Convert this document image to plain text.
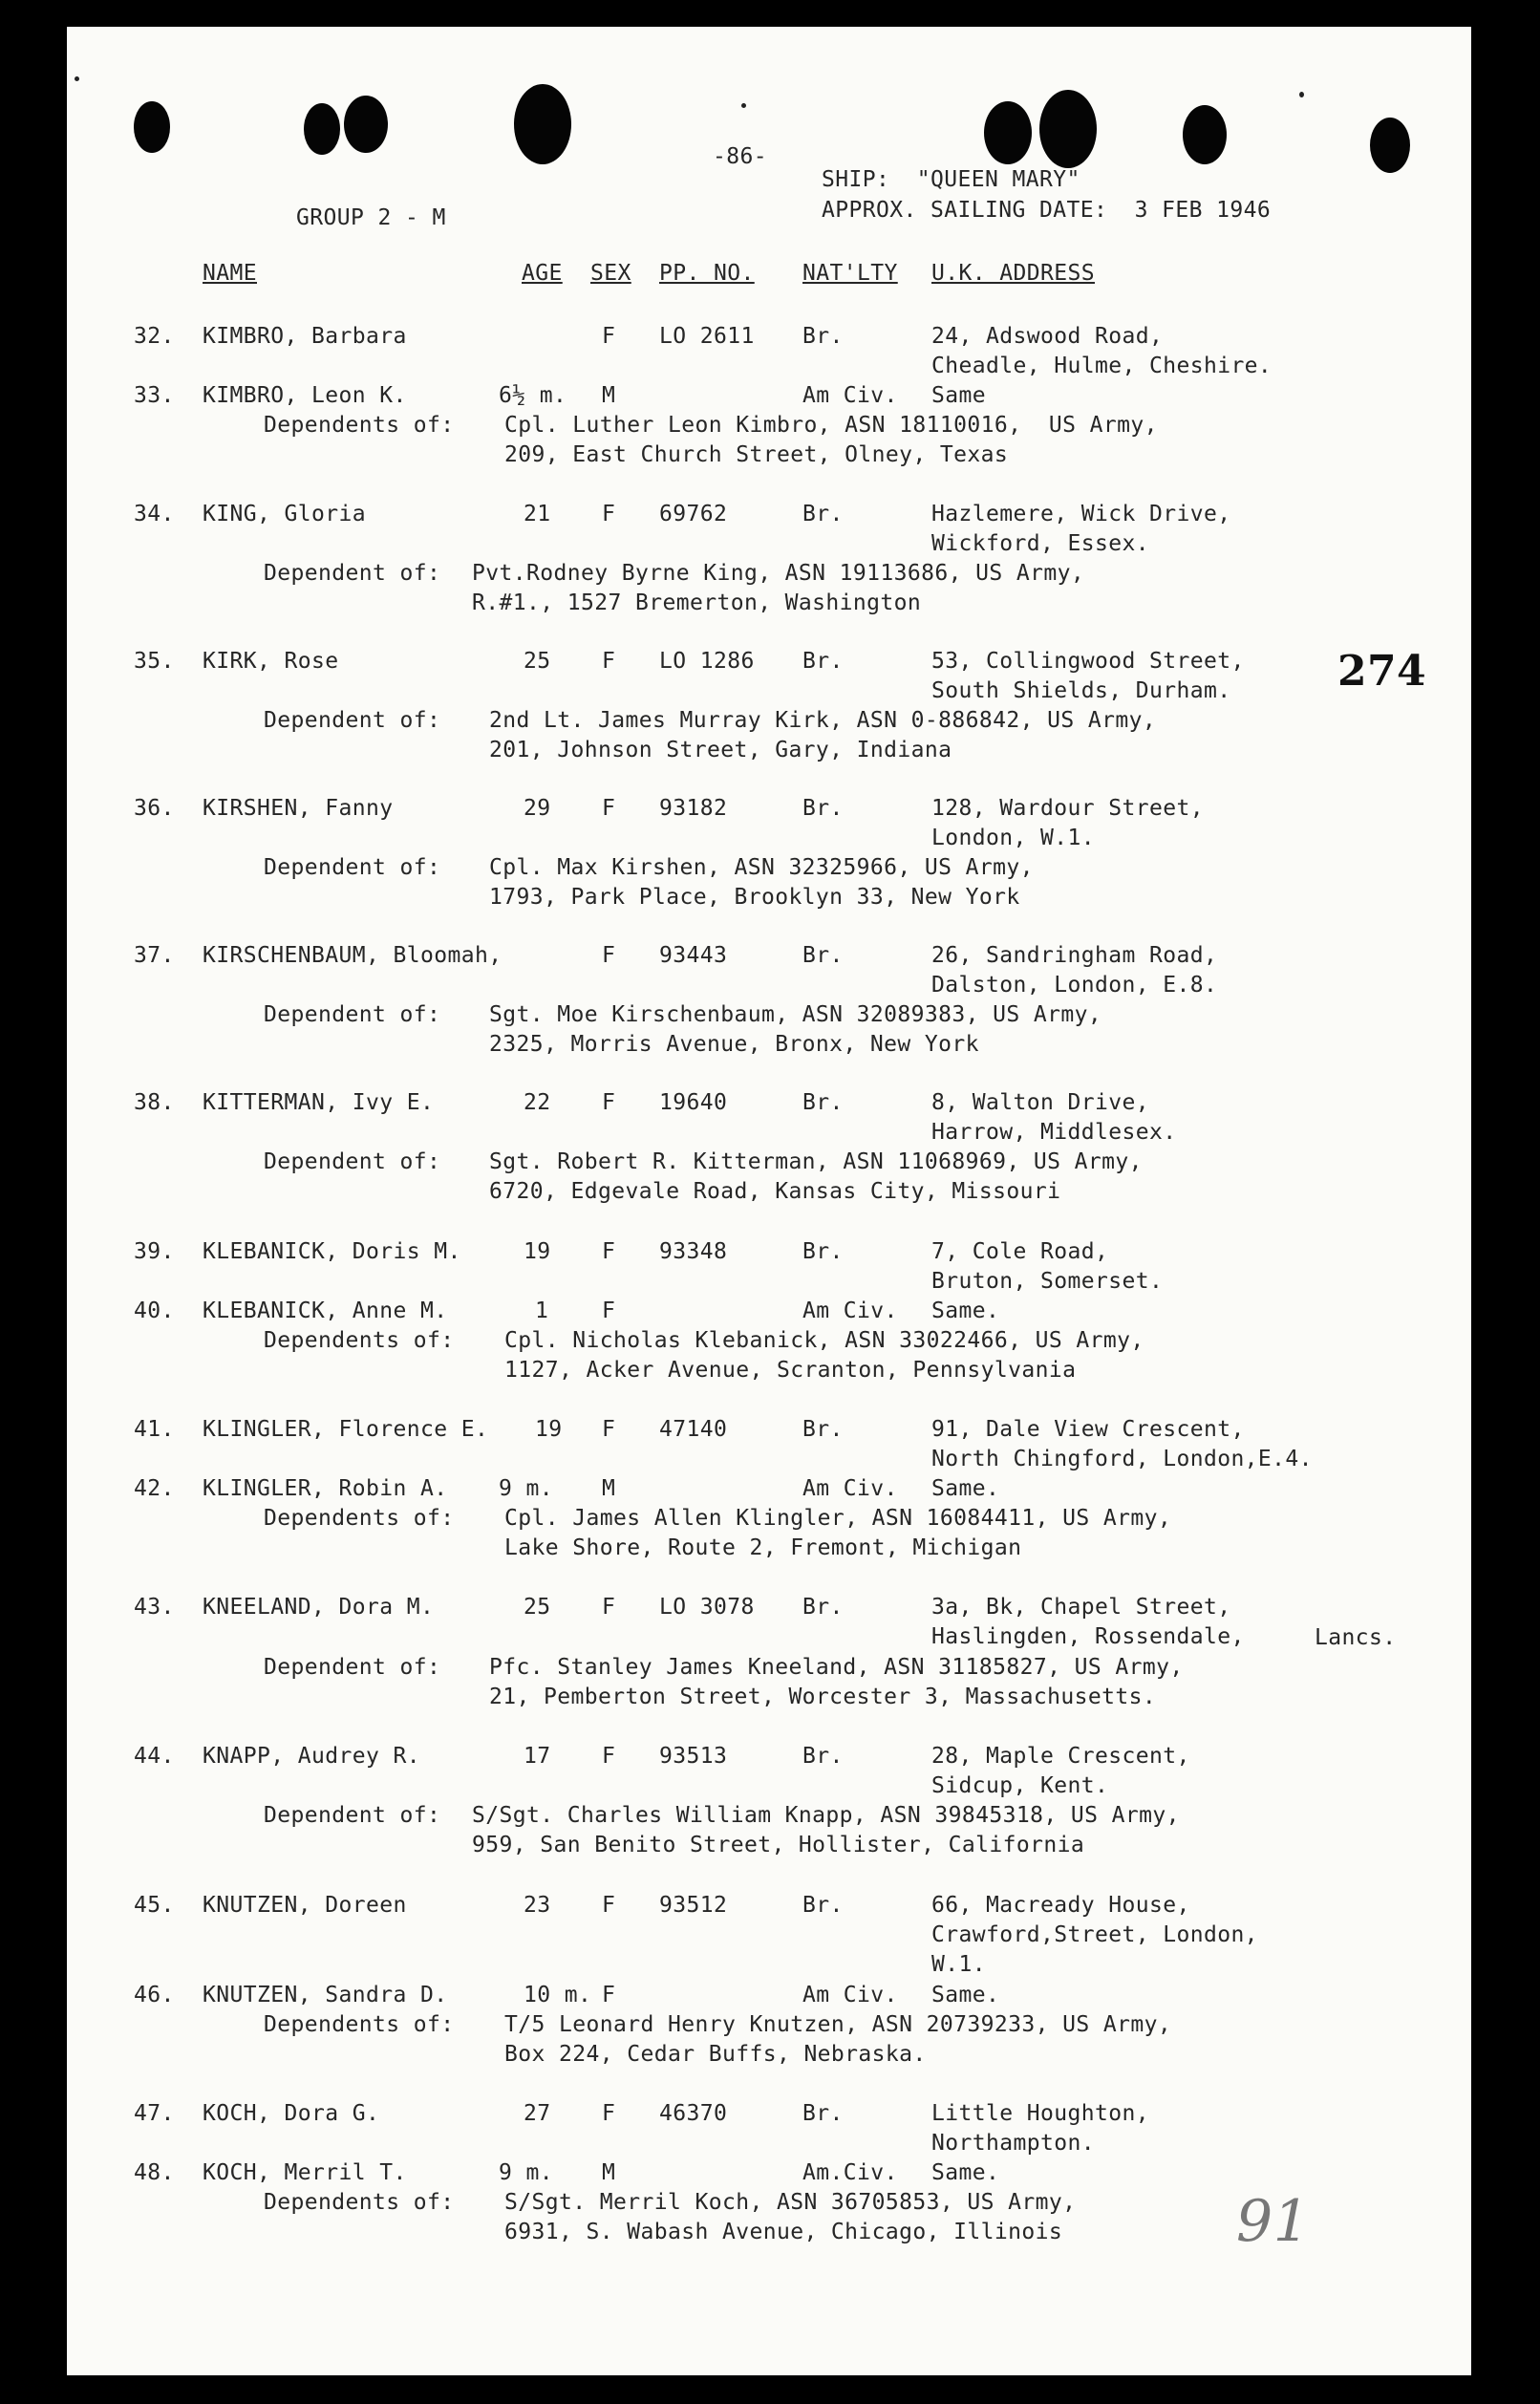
-86-
SHIP:  "QUEEN MARY"
GROUP 2 - M	APPROX. SAILING DATE:  3 FEB 1946
NAME	AGE SEX PP. NO. NAT'LTY U.K. ADDRESS
32. KIMBRO, Barbara	F LO 2611 Br.	24, Adswood Road,
Cheadle, Hulme, Cheshire.
33. KIMBRO, Leon K.	6½ m. M	Am Civ. Same
Dependents of: Cpl. Luther Leon Kimbro, ASN 18110016,  US Army,
209, East Church Street, Olney, Texas
34. KING, Gloria	21 F 69762	Br.	Hazlemere, Wick Drive,
Wickford, Essex.
Dependent of: Pvt.Rodney Byrne King, ASN 19113686, US Army,
R.#1., 1527 Bremerton, Washington
35. KIRK, Rose	25 F LO 1286 Br.	53, Collingwood Street,
South Shields, Durham.	274
Dependent of: 2nd Lt. James Murray Kirk, ASN 0-886842, US Army,
201, Johnson Street, Gary, Indiana
36. KIRSHEN, Fanny	29 F 93182	Br.	128, Wardour Street,
London, W.1.
Dependent of: Cpl. Max Kirshen, ASN 32325966, US Army,
1793, Park Place, Brooklyn 33, New York
37. KIRSCHENBAUM, Bloomah,	F 93443	Br.	26, Sandringham Road,
Dalston, London, E.8.
Dependent of: Sgt. Moe Kirschenbaum, ASN 32089383, US Army,
2325, Morris Avenue, Bronx, New York
38. KITTERMAN, Ivy E.	22 F 19640	Br.	8, Walton Drive,
Harrow, Middlesex.
Dependent of: Sgt. Robert R. Kitterman, ASN 11068969, US Army,
6720, Edgevale Road, Kansas City, Missouri
39. KLEBANICK, Doris M.	19 F 93348	Br.	7, Cole Road,
Bruton, Somerset.
40. KLEBANICK, Anne M.	1 F	Am Civ. Same.
Dependents of: Cpl. Nicholas Klebanick, ASN 33022466, US Army,
1127, Acker Avenue, Scranton, Pennsylvania
41. KLINGLER, Florence E. 19 F 47140	Br.	91, Dale View Crescent,
North Chingford, London,E.4.
42. KLINGLER, Robin A. 9 m. M	Am Civ. Same.
Dependents of: Cpl. James Allen Klingler, ASN 16084411, US Army,
Lake Shore, Route 2, Fremont, Michigan
43. KNEELAND, Dora M.	25 F LO 3078 Br.	3a, Bk, Chapel Street,
Haslingden, Rossendale,	Lancs.
Dependent of: Pfc. Stanley James Kneeland, ASN 31185827, US Army,
21, Pemberton Street, Worcester 3, Massachusetts.
44. KNAPP, Audrey R.	17 F 93513	Br.	28, Maple Crescent,
Sidcup, Kent.
Dependent of: S/Sgt. Charles William Knapp, ASN 39845318, US Army,
959, San Benito Street, Hollister, California
45. KNUTZEN, Doreen	23 F 93512	Br.	66, Macready House,
Crawford,Street, London,
W.1.
46. KNUTZEN, Sandra D.	10 m. F	Am Civ. Same.
Dependents of: T/5 Leonard Henry Knutzen, ASN 20739233, US Army,
Box 224, Cedar Buffs, Nebraska.
47. KOCH, Dora G.	27 F 46370	Br.	Little Houghton,
Northampton.
48. KOCH, Merril T.	9 m. M	Am.Civ. Same.
Dependents of: S/Sgt. Merril Koch, ASN 36705853, US Army,
6931, S. Wabash Avenue, Chicago, Illinois	91
